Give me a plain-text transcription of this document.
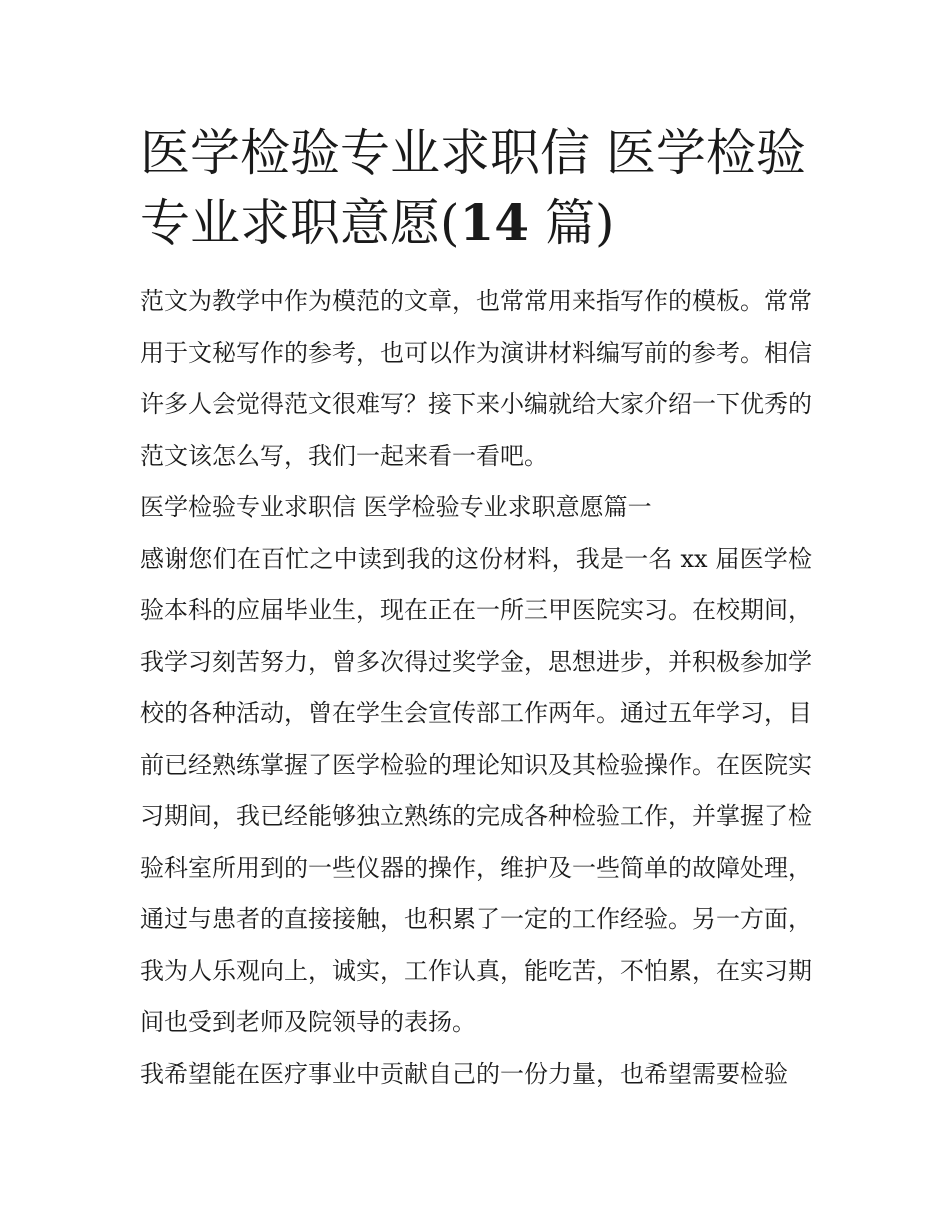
医学检验专业求职信 医学检验专业求职意愿(14 篇)

范文为教学中作为模范的文章，也常常用来指写作的模板。常常用于文秘写作的参考，也可以作为演讲材料编写前的参考。相信许多人会觉得范文很难写？接下来小编就给大家介绍一下优秀的范文该怎么写，我们一起来看一看吧。

医学检验专业求职信 医学检验专业求职意愿篇一

感谢您们在百忙之中读到我的这份材料，我是一名 xx 届医学检验本科的应届毕业生，现在正在一所三甲医院实习。在校期间，我学习刻苦努力，曾多次得过奖学金，思想进步，并积极参加学校的各种活动，曾在学生会宣传部工作两年。通过五年学习，目前已经熟练掌握了医学检验的理论知识及其检验操作。在医院实习期间，我已经能够独立熟练的完成各种检验工作，并掌握了检验科室所用到的一些仪器的操作，维护及一些简单的故障处理，通过与患者的直接接触，也积累了一定的工作经验。另一方面，我为人乐观向上，诚实，工作认真，能吃苦，不怕累，在实习期间也受到老师及院领导的表扬。

我希望能在医疗事业中贡献自己的一份力量，也希望需要检验
